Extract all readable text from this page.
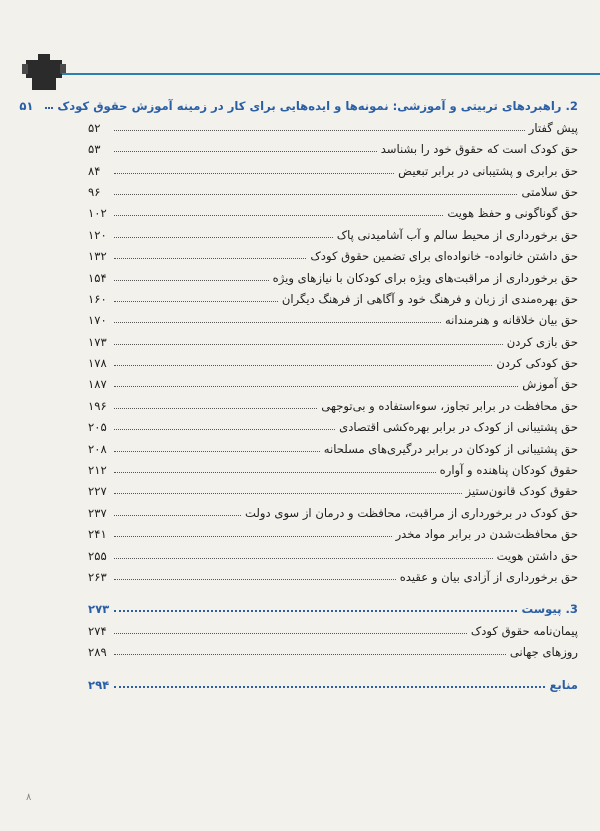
2. راهبردهای تربیتی و آموزشی: نمونه‌ها و ایده‌هایی برای کار در زمینه آموزش حقوق کودک
۵۱
پیش گفتار
۵۲
حق کودک است که حقوق خود را بشناسد
۵۳
حق برابری و پشتیبانی در برابر تبعیض
۸۴
حق سلامتی
۹۶
حق گوناگونی و حفظ هویت
۱۰۲
حق برخورداری از محیط سالم و آب آشامیدنی پاک
۱۲۰
حق داشتن خانواده- خانواده‌ای برای تضمین حقوق کودک
۱۳۲
حق برخورداری از مراقبت‌های ویژه برای کودکان با نیازهای ویژه
۱۵۴
حق بهره‌مندی از زبان و فرهنگ خود و آگاهی از فرهنگ دیگران
۱۶۰
حق بیان خلاقانه و هنرمندانه
۱۷۰
حق بازی کردن
۱۷۳
حق کودکی کردن
۱۷۸
حق آموزش
۱۸۷
حق محافظت در برابر تجاوز، سوءاستفاده و بی‌توجهی
۱۹۶
حق پشتیبانی از کودک در برابر بهره‌کشی اقتصادی
۲۰۵
حق پشتیبانی از کودکان در برابر درگیری‌های مسلحانه
۲۰۸
حقوق کودکان پناهنده و آواره
۲۱۲
حقوق کودک قانون‌ستیز
۲۲۷
حق کودک در برخورداری از مراقبت، محافظت و درمان از سوی دولت
۲۳۷
حق محافظت‌شدن در برابر مواد مخدر
۲۴۱
حق داشتن هویت
۲۵۵
حق برخورداری از آزادی بیان و عقیده
۲۶۳
3. پیوست
۲۷۳
پیمان‌نامه حقوق کودک
۲۷۴
روزهای جهانی
۲۸۹
منابع
۲۹۴
۸
